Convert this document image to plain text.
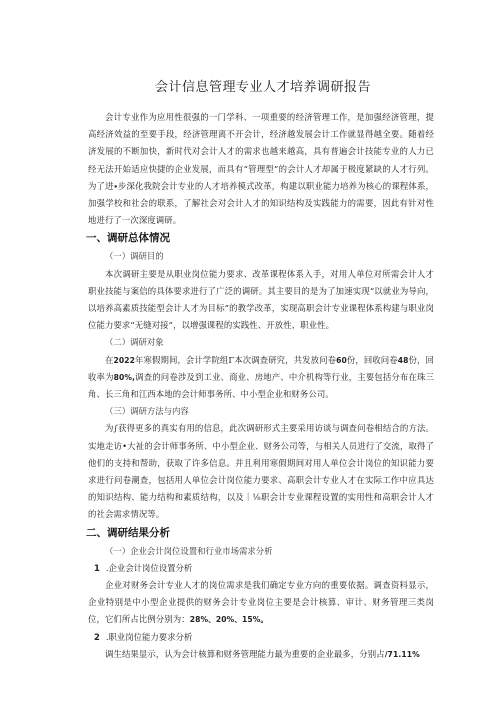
会计信息管理专业人才培养调研报告

会计专业作为应用性很强的一门学科、一项重要的经济管理工作，是加强经济管理，提高经济效益的至要手段，经济管理离不开会计，经济越发展会计工作就显得越全要。随着经济发展的不断加快，新时代对会计人才的需求也越来越高，具有普遍会计技能专业的人力已经无法开始适应快捷的企业发展，而具有“管理型”的会计人才却属于极度紧缺的人才行列。为了进∙步深化我院会计专业的人才培养模式改革，构建以职业能力培养为核心的课程体系，加强学校和社会的联系，了解社会对会计人才的知识结构及实践能力的需要，因此有针对性地进行了一次深度调研。

一、调研总体情况
（一）调研目的

本次调研主要是从职业岗位能力要求、改革课程体系入手，对用人单位对所需会计人才职业技能与案信的具体要求进行了广泛的调研。其主要目的是为了加速实现“以就业为导向，以培养高素质技能型会计人才为目标”的教学改革，实现高职会计专业课程体系构建与职业岗位能力要求“无缝对接”，以增强课程的实践性、开放性、职业性。

（二）调研对象

在2022年寒假期间，会计学院组Γ本次调查研究，共发放问卷60份，回收问卷48份，回收率为80%,调查的问卷涉及到工业、商业、房地产、中介机构等行业，主要包括分布在珠三角、长三角和江西本地的会计师事务所、中小型企业和财务公司。

（三）调研方法与内容

为∫获得更多的真实有用的信息，此次调研形式主要采用访谈与调查问卷相结合的方法。实地走访•大祉的会计师事务所、中小型企业、财务公司等，与相关人员进行了交流，取得了他们的支持和帮助，获取了许多信息。并且利用寒假期间对用人单位会计岗位的知识能力要求进行问卷潮查，包括用人单位会计岗位能力要求、高职会计专业人才在实际工作中应具达的知识结构、能力结构和素质结构，以及｜⅛职会计专业课程设置的实用性和高职会计人才的社会需求情况等。

二、调研结果分析
（一）企业会计岗位设置和行业市场需求分析
1 .企业会计岗位设置分析

企业对财务会计专业人才的岗位需求是我们确定专业方向的重要依据。调查资料显示，企业特别是中小型企业提供的财务会计专业岗位主要是会计核算、审计、财务管理三类岗位，它们所占比例分别为：28%、20%、15%。

2 .职业岗位能力要求分析

调生结果显示，认为会计核算和财务管理能力最为重要的企业最多，分别占/71.11%
